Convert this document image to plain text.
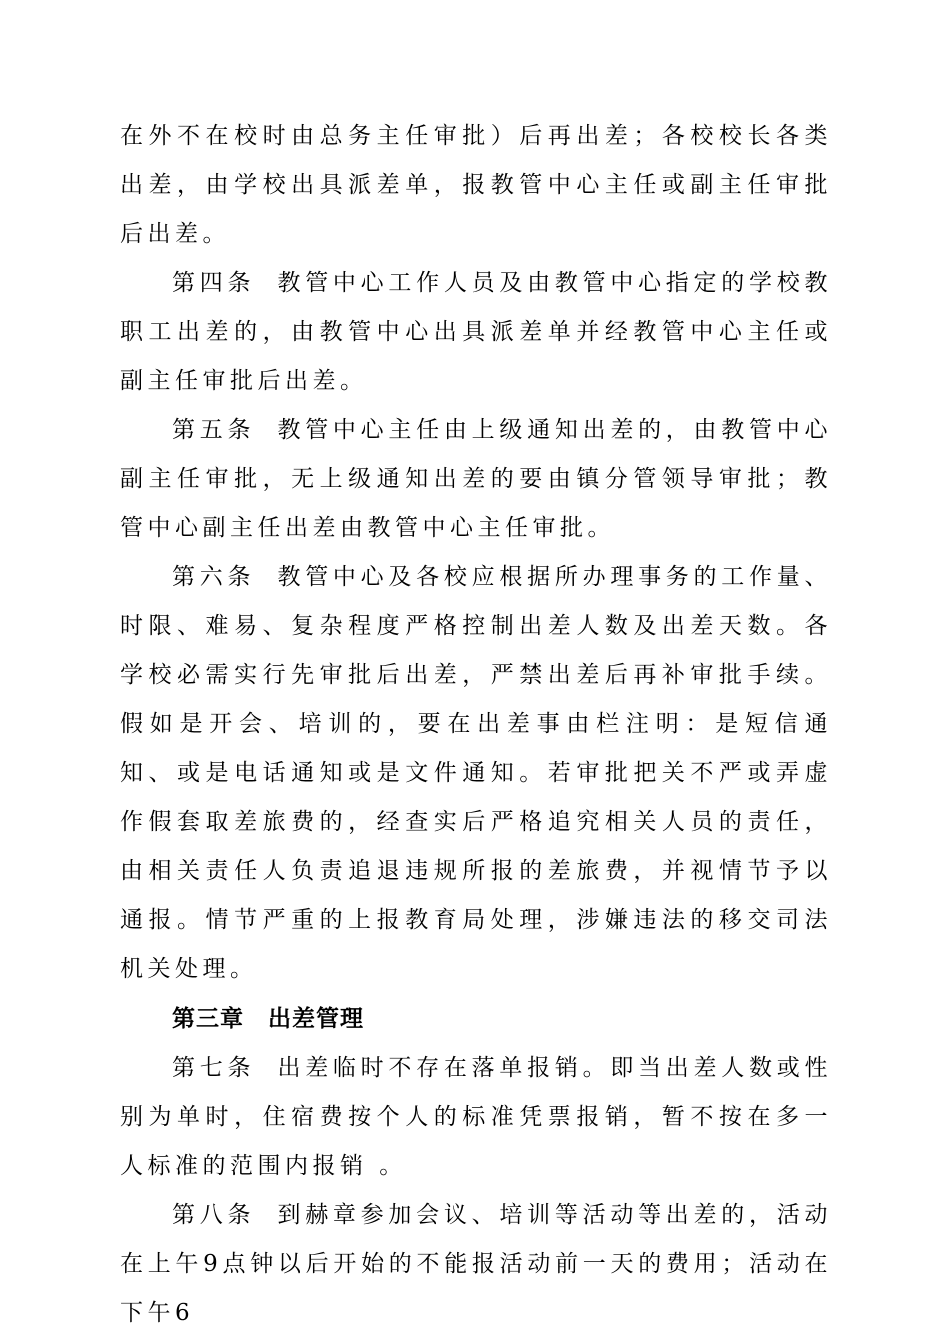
在外不在校时由总务主任审批）后再出差；各校校长各类出差，由学校出具派差单，报教管中心主任或副主任审批后出差。

第四条 教管中心工作人员及由教管中心指定的学校教职工出差的，由教管中心出具派差单并经教管中心主任或副主任审批后出差。

第五条 教管中心主任由上级通知出差的，由教管中心副主任审批，无上级通知出差的要由镇分管领导审批；教管中心副主任出差由教管中心主任审批。

第六条 教管中心及各校应根据所办理事务的工作量、时限、难易、复杂程度严格控制出差人数及出差天数。各学校必需实行先审批后出差，严禁出差后再补审批手续。假如是开会、培训的，要在出差事由栏注明：是短信通知、或是电话通知或是文件通知。若审批把关不严或弄虚作假套取差旅费的，经查实后严格追究相关人员的责任，由相关责任人负责追退违规所报的差旅费，并视情节予以通报。情节严重的上报教育局处理，涉嫌违法的移交司法机关处理。

第三章 出差管理

第七条 出差临时不存在落单报销。即当出差人数或性别为单时，住宿费按个人的标准凭票报销，暂不按在多一人标准的范围内报销 。

第八条 到赫章参加会议、培训等活动等出差的，活动在上午9点钟以后开始的不能报活动前一天的费用；活动在下午6
